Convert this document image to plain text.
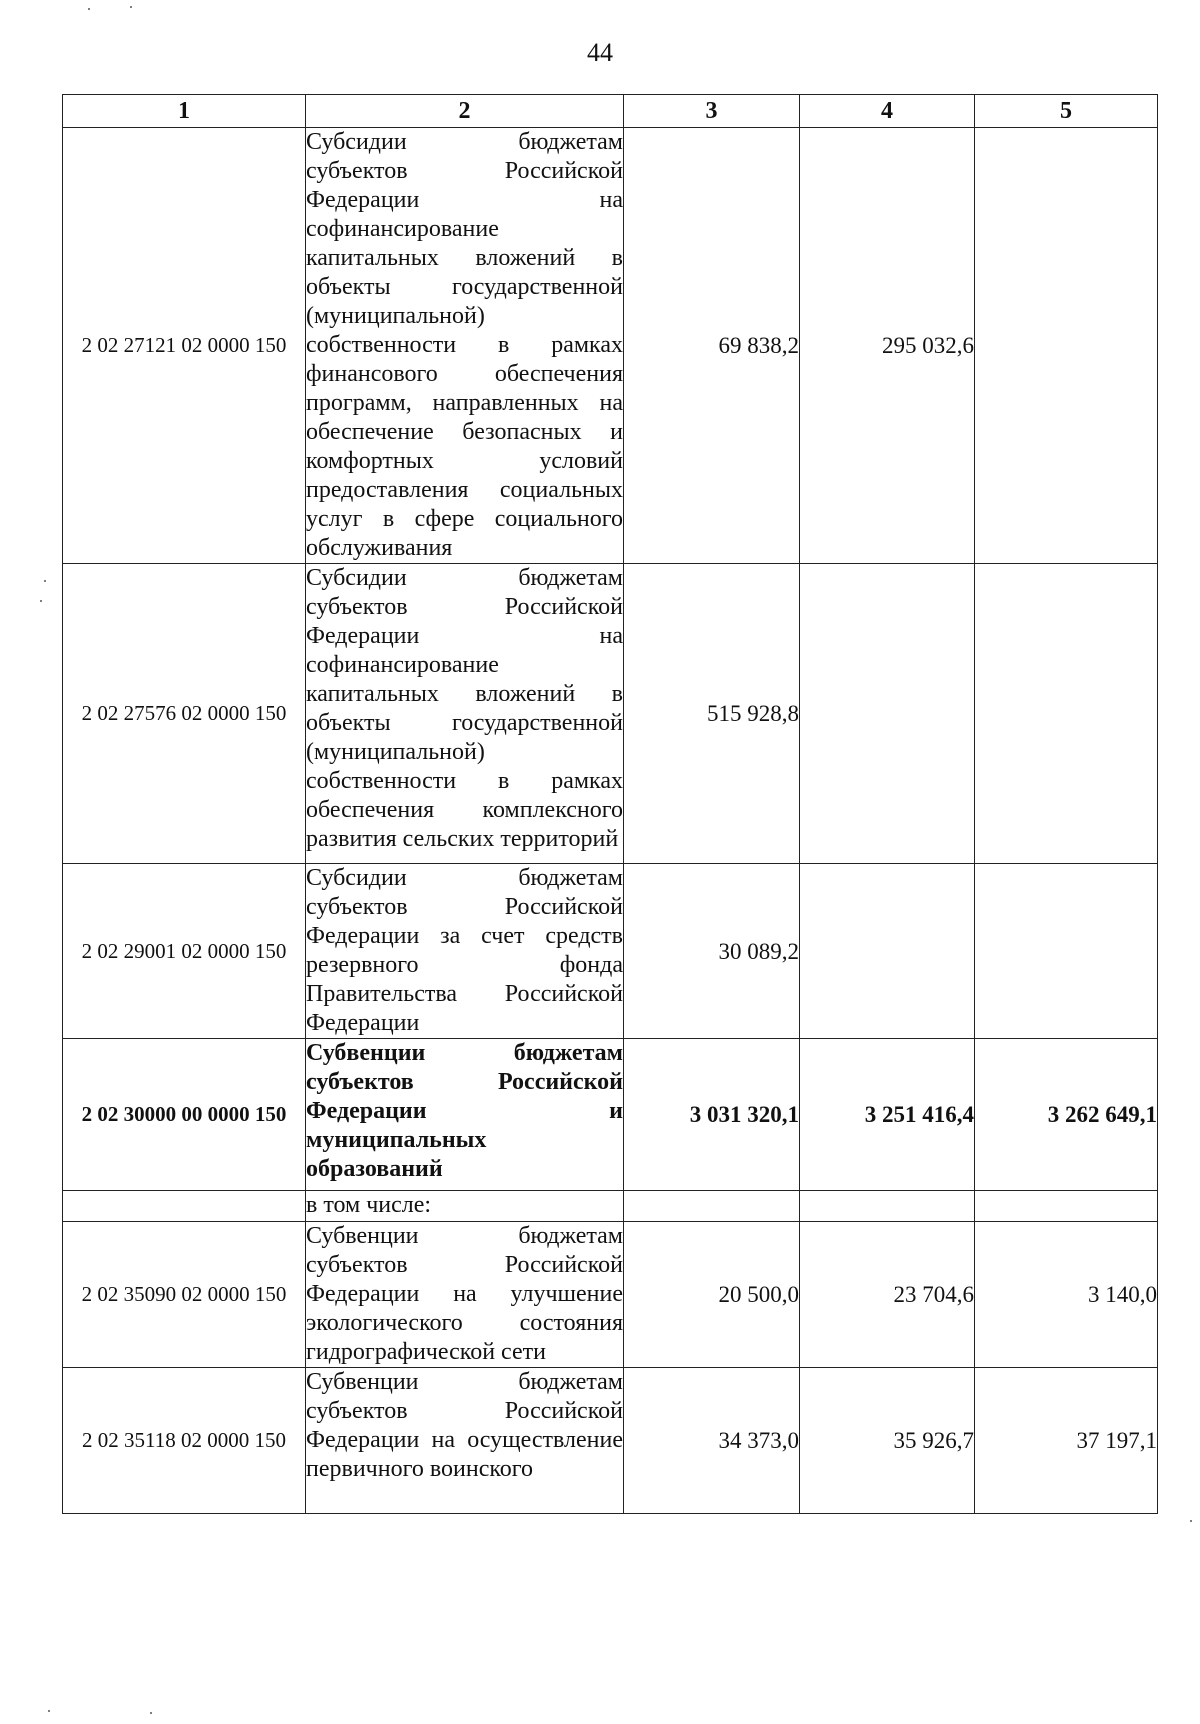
44
1	2	3	4	5
2 02 27121 02 0000 150	Субсидии бюджетам субъектов Российской Федерации на софинансирование капитальных вложений в объекты государственной (муниципальной) собственности в рамках финансового обеспечения программ, направленных на обеспечение безопасных и комфортных условий предоставления социальных услуг в сфере социального обслуживания	69 838,2	295 032,6	
2 02 27576 02 0000 150	Субсидии бюджетам субъектов Российской Федерации на софинансирование капитальных вложений в объекты государственной (муниципальной) собственности в рамках обеспечения комплексного развития сельских территорий	515 928,8		
2 02 29001 02 0000 150	Субсидии бюджетам субъектов Российской Федерации за счет средств резервного фонда Правительства Российской Федерации	30 089,2		
2 02 30000 00 0000 150	Субвенции бюджетам субъектов Российской Федерации и муниципальных образований	3 031 320,1	3 251 416,4	3 262 649,1
	в том числе:			
2 02 35090 02 0000 150	Субвенции бюджетам субъектов Российской Федерации на улучшение экологического состояния гидрографической сети	20 500,0	23 704,6	3 140,0
2 02 35118 02 0000 150	Субвенции бюджетам субъектов Российской Федерации на осуществление первичного воинского	34 373,0	35 926,7	37 197,1
